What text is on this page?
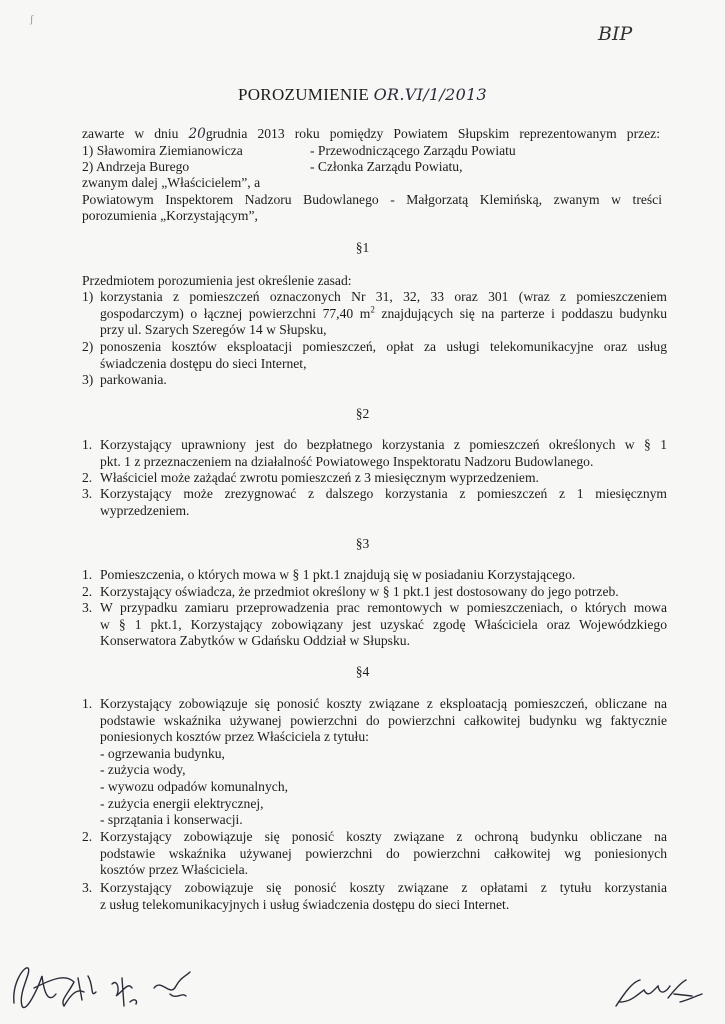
ʃ
BIP
POROZUMIENIE OR.VI/1/2013
zawarte w dniu 20grudnia 2013 roku pomiędzy Powiatem Słupskim reprezentowanym przez:
1) Sławomira Ziemianowicza	- Przewodniczącego Zarządu Powiatu
2) Andrzeja Burego	- Członka Zarządu Powiatu,
zwanym dalej „Właścicielem”, a
Powiatowym Inspektorem Nadzoru Budowlanego - Małgorzatą Klemińską, zwanym w treści
porozumienia „Korzystającym”,
§1
Przedmiotem porozumienia jest określenie zasad:
1) korzystania z pomieszczeń oznaczonych Nr 31, 32, 33 oraz 301 (wraz z pomieszczeniem
gospodarczym) o łącznej powierzchni 77,40 $m^2$ znajdujących się na parterze i poddaszu budynku
przy ul. Szarych Szeregów 14 w Słupsku,
2) ponoszenia kosztów eksploatacji pomieszczeń, opłat za usługi telekomunikacyjne oraz usług
świadczenia dostępu do sieci Internet,
3) parkowania.
§2
1. Korzystający uprawniony jest do bezpłatnego korzystania z pomieszczeń określonych w § 1
pkt. 1 z przeznaczeniem na działalność Powiatowego Inspektoratu Nadzoru Budowlanego.
2. Właściciel może zażądać zwrotu pomieszczeń z 3 miesięcznym wyprzedzeniem.
3. Korzystający może zrezygnować z dalszego korzystania z pomieszczeń z 1 miesięcznym
wyprzedzeniem.
§3
1. Pomieszczenia, o których mowa w § 1 pkt.1 znajdują się w posiadaniu Korzystającego.
2. Korzystający oświadcza, że przedmiot określony w § 1 pkt.1 jest dostosowany do jego potrzeb.
3. W przypadku zamiaru przeprowadzenia prac remontowych w pomieszczeniach, o których mowa
w § 1 pkt.1, Korzystający zobowiązany jest uzyskać zgodę Właściciela oraz Wojewódzkiego
Konserwatora Zabytków w Gdańsku Oddział w Słupsku.
§4
1. Korzystający zobowiązuje się ponosić koszty związane z eksploatacją pomieszczeń, obliczane na
podstawie wskaźnika używanej powierzchni do powierzchni całkowitej budynku wg faktycznie
poniesionych kosztów przez Właściciela z tytułu:
- ogrzewania budynku,
- zużycia wody,
- wywozu odpadów komunalnych,
- zużycia energii elektrycznej,
- sprzątania i konserwacji.
2. Korzystający zobowiązuje się ponosić koszty związane z ochroną budynku obliczane na
podstawie wskaźnika używanej powierzchni do powierzchni całkowitej wg poniesionych
kosztów przez Właściciela.
3. Korzystający zobowiązuje się ponosić koszty związane z opłatami z tytułu korzystania
z usług telekomunikacyjnych i usług świadczenia dostępu do sieci Internet.
